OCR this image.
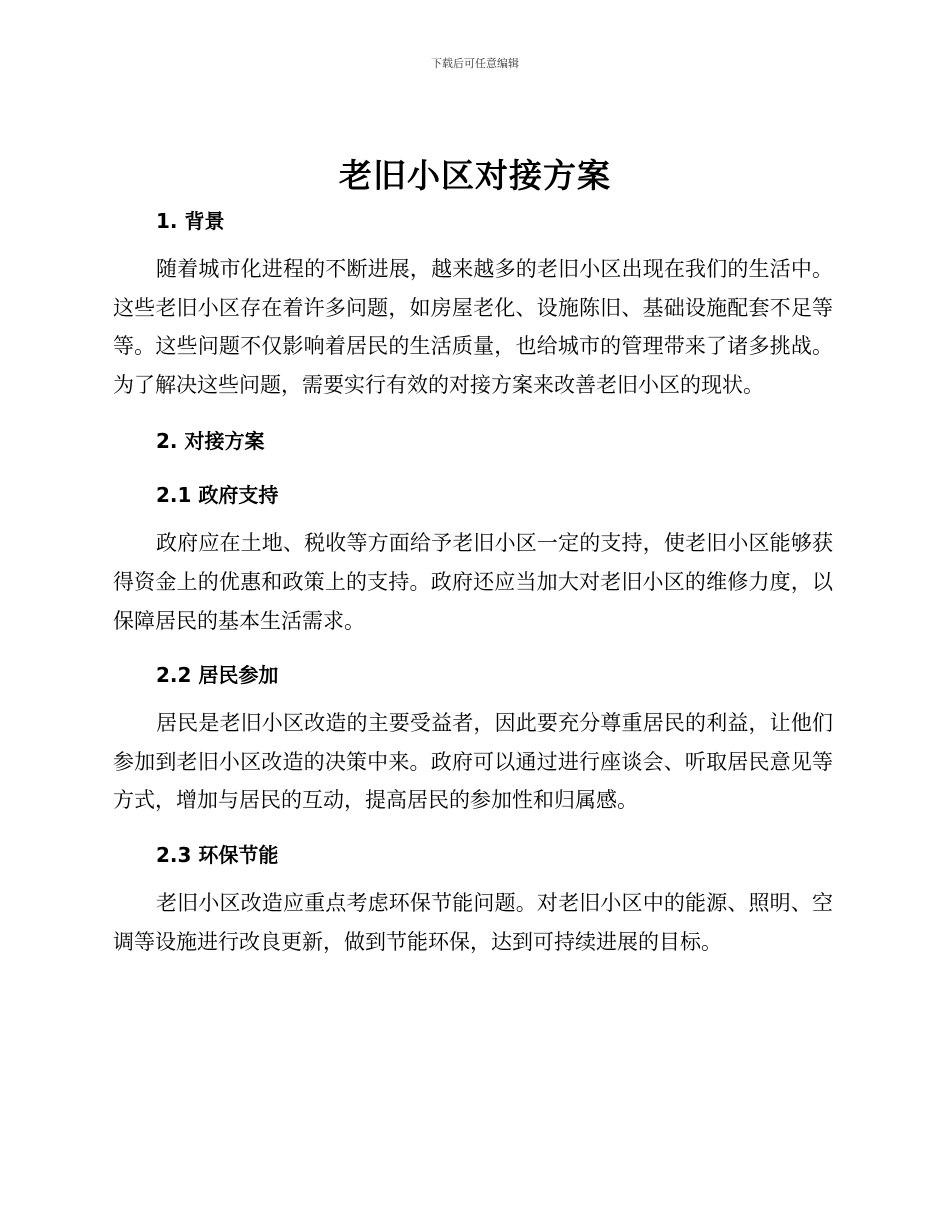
下载后可任意编辑
老旧小区对接方案
1. 背景

随着城市化进程的不断进展，越来越多的老旧小区出现在我们的生活中。这些老旧小区存在着许多问题，如房屋老化、设施陈旧、基础设施配套不足等等。这些问题不仅影响着居民的生活质量，也给城市的管理带来了诸多挑战。为了解决这些问题，需要实行有效的对接方案来改善老旧小区的现状。

2. 对接方案
2.1 政府支持

政府应在土地、税收等方面给予老旧小区一定的支持，使老旧小区能够获得资金上的优惠和政策上的支持。政府还应当加大对老旧小区的维修力度，以保障居民的基本生活需求。

2.2 居民参加

居民是老旧小区改造的主要受益者，因此要充分尊重居民的利益，让他们参加到老旧小区改造的决策中来。政府可以通过进行座谈会、听取居民意见等方式，增加与居民的互动，提高居民的参加性和归属感。

2.3 环保节能

老旧小区改造应重点考虑环保节能问题。对老旧小区中的能源、照明、空调等设施进行改良更新，做到节能环保，达到可持续进展的目标。
